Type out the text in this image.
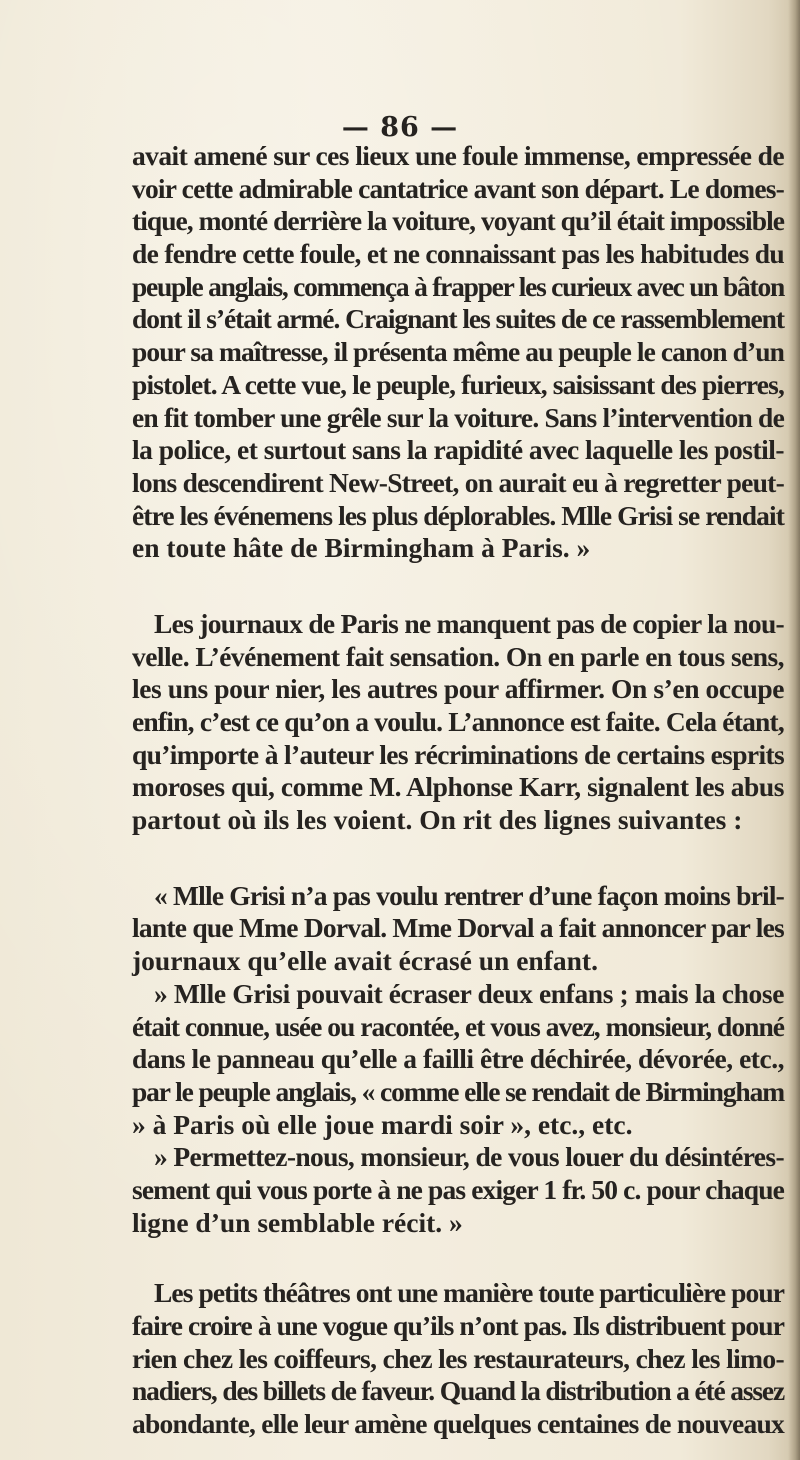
— 86 —
avait amené sur ces lieux une foule immense, empressée de
voir cette admirable cantatrice avant son départ. Le domes-
tique, monté derrière la voiture, voyant qu’il était impossible
de fendre cette foule, et ne connaissant pas les habitudes du
peuple anglais, commença à frapper les curieux avec un bâton
dont il s’était armé. Craignant les suites de ce rassemblement
pour sa maîtresse, il présenta même au peuple le canon d’un
pistolet. A cette vue, le peuple, furieux, saisissant des pierres,
en fit tomber une grêle sur la voiture. Sans l’intervention de
la police, et surtout sans la rapidité avec laquelle les postil-
lons descendirent New-Street, on aurait eu à regretter peut-
être les événemens les plus déplorables. Mlle Grisi se rendait
en toute hâte de Birmingham à Paris. »
Les journaux de Paris ne manquent pas de copier la nou-
velle. L’événement fait sensation. On en parle en tous sens,
les uns pour nier, les autres pour affirmer. On s’en occupe
enfin, c’est ce qu’on a voulu. L’annonce est faite. Cela étant,
qu’importe à l’auteur les récriminations de certains esprits
moroses qui, comme M. Alphonse Karr, signalent les abus
partout où ils les voient. On rit des lignes suivantes :
« Mlle Grisi n’a pas voulu rentrer d’une façon moins bril-
lante que Mme Dorval. Mme Dorval a fait annoncer par les
journaux qu’elle avait écrasé un enfant.
» Mlle Grisi pouvait écraser deux enfans ; mais la chose
était connue, usée ou racontée, et vous avez, monsieur, donné
dans le panneau qu’elle a failli être déchirée, dévorée, etc.,
par le peuple anglais, « comme elle se rendait de Birmingham
» à Paris où elle joue mardi soir », etc., etc.
» Permettez-nous, monsieur, de vous louer du désintéres-
sement qui vous porte à ne pas exiger 1 fr. 50 c. pour chaque
ligne d’un semblable récit. »
Les petits théâtres ont une manière toute particulière pour
faire croire à une vogue qu’ils n’ont pas. Ils distribuent pour
rien chez les coiffeurs, chez les restaurateurs, chez les limo-
nadiers, des billets de faveur. Quand la distribution a été assez
abondante, elle leur amène quelques centaines de nouveaux
